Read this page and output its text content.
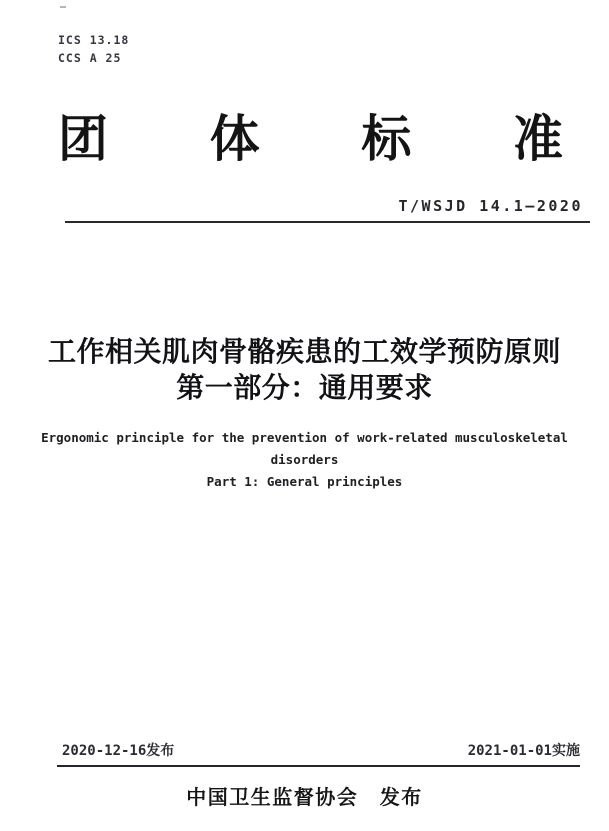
ICS 13.18
CCS A 25
团 体 标 准
T/WSJD 14.1—2020
工作相关肌肉骨骼疾患的工效学预防原则
第一部分：通用要求
Ergonomic principle for the prevention of work-related musculoskeletal
disorders
Part 1: General principles
2020-12-16发布	2021-01-01实施
中国卫生监督协会　发布
